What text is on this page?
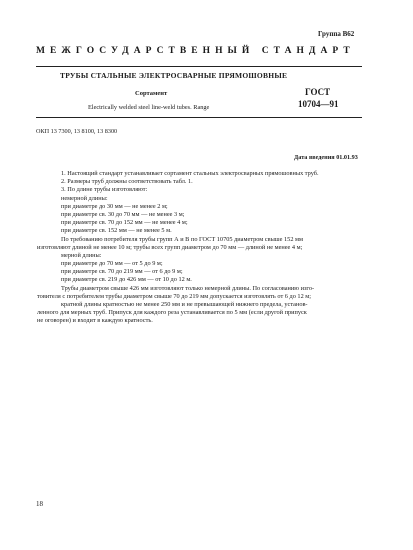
Группа В62
МЕЖГОСУДАРСТВЕННЫЙ СТАНДАРТ
ТРУБЫ СТАЛЬНЫЕ ЭЛЕКТРОСВАРНЫЕ ПРЯМОШОВНЫЕ
Сортамент	ГОСТ
10704—91
Electrically welded steel line-weld tubes. Range
ОКП 13 7300, 13 8100, 13 8300
Дата введения 01.01.93
1. Настоящий стандарт устанавливает сортамент стальных электросварных прямошовных труб.
2. Размеры труб должны соответствовать табл. 1.
3. По длине трубы изготовляют:
немерной длины:
при диаметре до 30 мм — не менее 2 м;
при диаметре св. 30 до 70 мм — не менее 3 м;
при диаметре св. 70 до 152 мм — не менее 4 м;
при диаметре св. 152 мм — не менее 5 м.
По требованию потребителя трубы групп А и В по ГОСТ 10705 диаметром свыше 152 мм
изготовляют длиной не менее 10 м; трубы всех групп диаметром до 70 мм — длиной не менее 4 м;
мерной длины:
при диаметре до 70 мм — от 5 до 9 м;
при диаметре св. 70 до 219 мм — от 6 до 9 м;
при диаметре св. 219 до 426 мм — от 10 до 12 м.
Трубы диаметром свыше 426 мм изготовляют только немерной длины. По согласованию изго-
товителя с потребителем трубы диаметром свыше 70 до 219 мм допускается изготовлять от 6 до 12 м;
кратной длины кратностью не менее 250 мм и не превышающей нижнего предела, установ-
ленного для мерных труб. Припуск для каждого реза устанавливается по 5 мм (если другой припуск
не оговорен) и входит в каждую кратность.
18
